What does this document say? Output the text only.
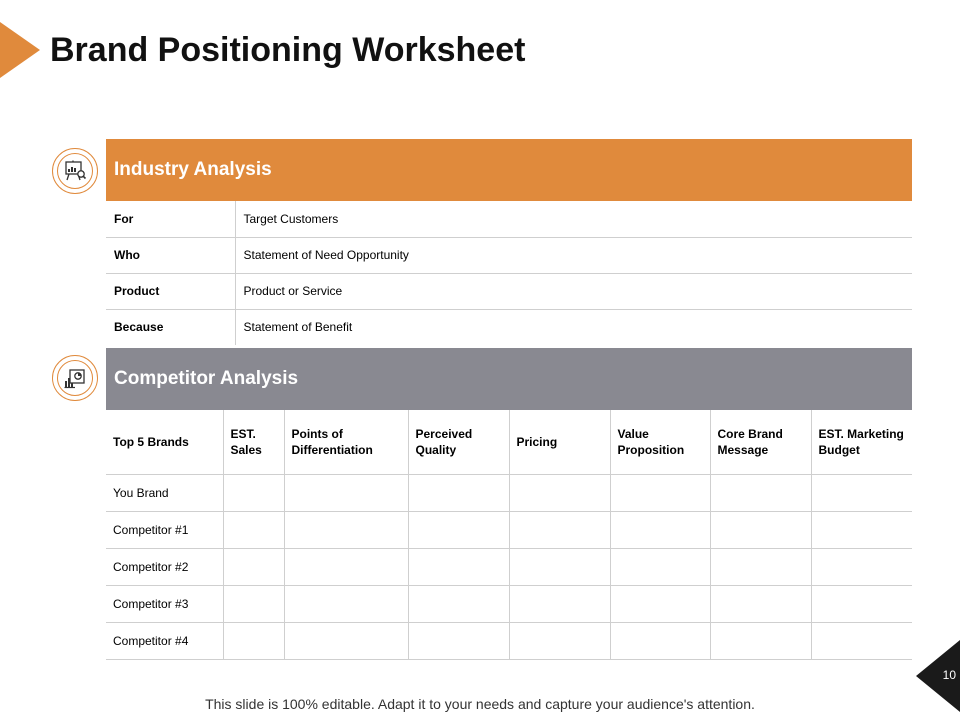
Brand Positioning Worksheet
Industry Analysis
For	Target Customers
Who	Statement of Need Opportunity
Product	Product or Service
Because	Statement of Benefit
Competitor Analysis
Top 5 Brands	EST. Sales	Points of Differentiation	Perceived Quality	Pricing	Value Proposition	Core Brand Message	EST. Marketing Budget
You Brand							
Competitor #1							
Competitor #2							
Competitor #3							
Competitor #4							
10
This slide is 100% editable. Adapt it to your needs and capture your audience's attention.
